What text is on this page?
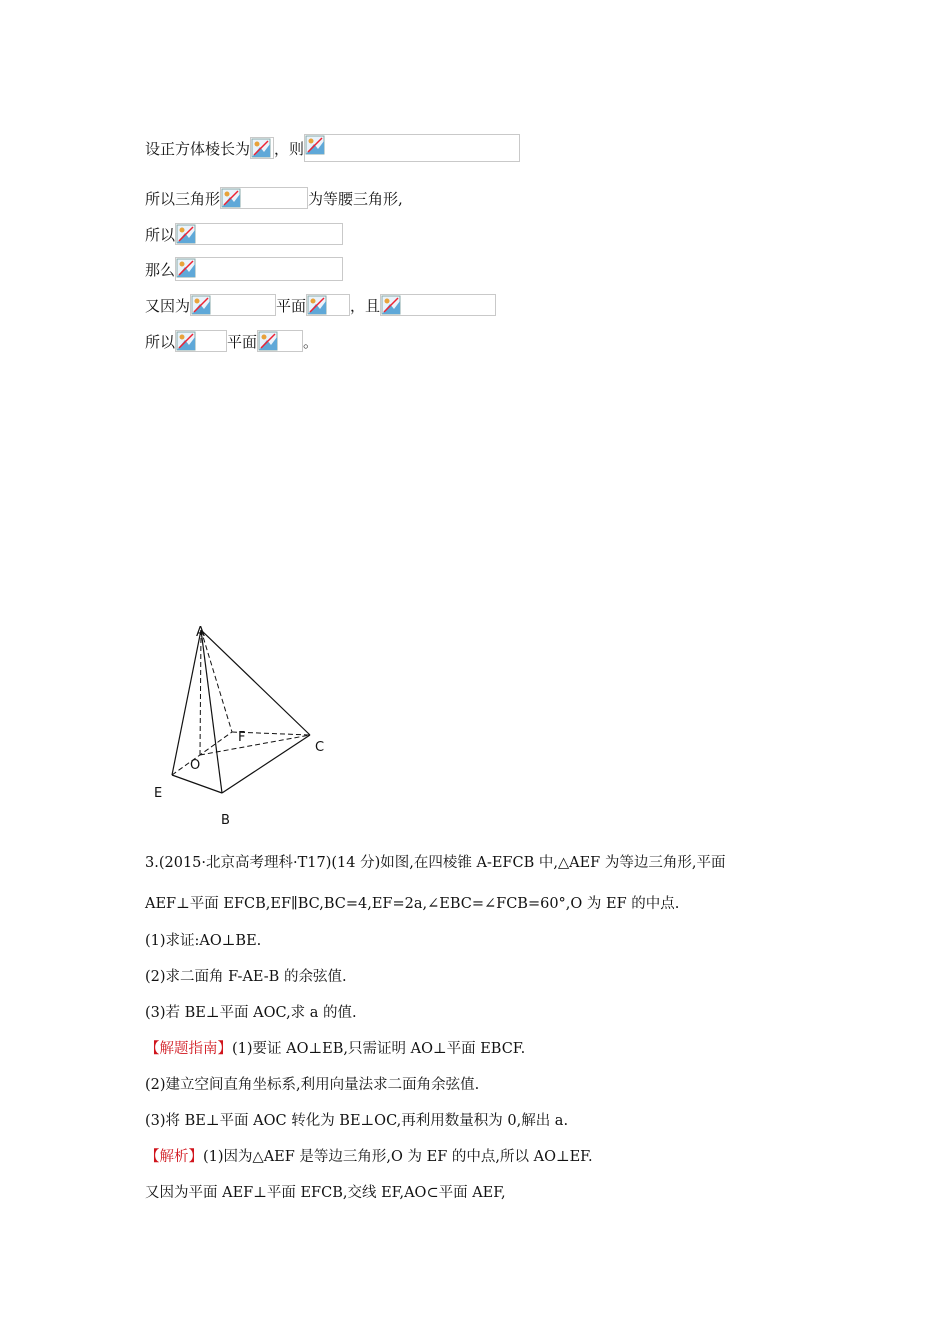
设正方体棱长为 ，则
所以三角形	为等腰三角形,
所以
那么
又因为	平面	，且
所以	平面	。
A
F
C
O
E
B
3.(2015·北京高考理科·T17)(14 分)如图,在四棱锥 A-EFCB 中,△AEF 为等边三角形,平面
AEF⊥平面 EFCB,EF∥BC,BC=4,EF=2a,∠EBC=∠FCB=60°,O 为 EF 的中点.
(1)求证:AO⊥BE.
(2)求二面角 F-AE-B 的余弦值.
(3)若 BE⊥平面 AOC,求 a 的值.
【解题指南】(1)要证 AO⊥EB,只需证明 AO⊥平面 EBCF.
(2)建立空间直角坐标系,利用向量法求二面角余弦值.
(3)将 BE⊥平面 AOC 转化为 BE⊥OC,再利用数量积为 0,解出 a.
【解析】(1)因为△AEF 是等边三角形,O 为 EF 的中点,所以 AO⊥EF.
又因为平面 AEF⊥平面 EFCB,交线 EF,AO⊂平面 AEF,
